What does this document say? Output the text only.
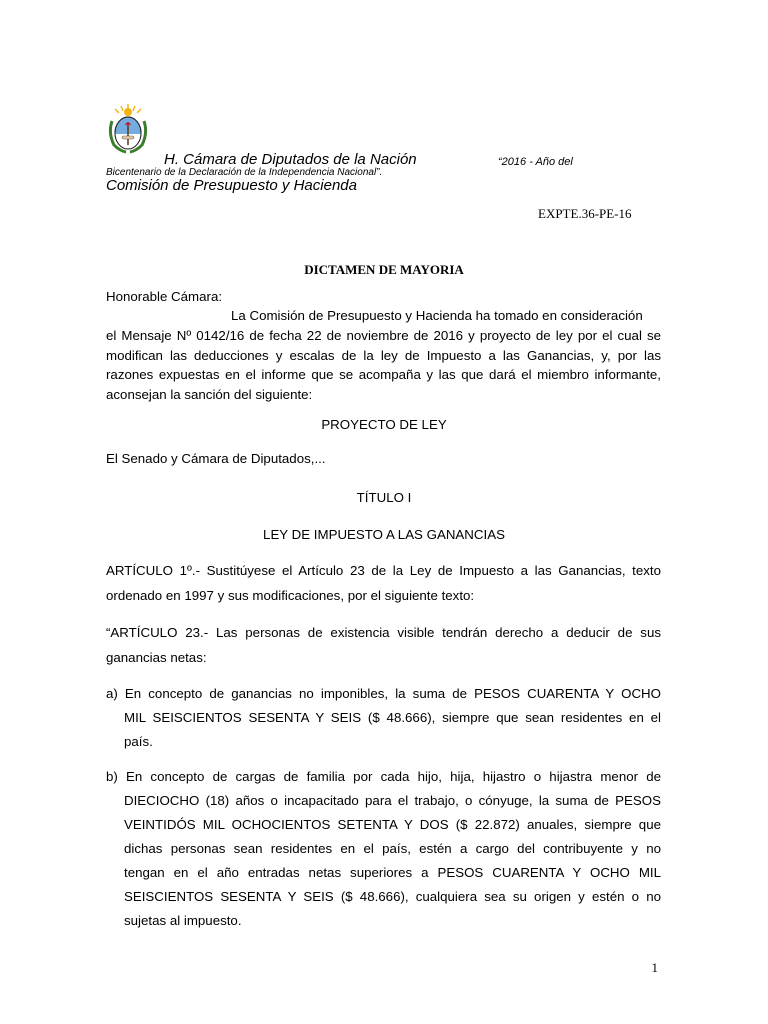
H. Cámara de Diputados de la Nación	“2016 - Año del
Bicentenario de la Declaración de la Independencia Nacional”.
Comisión de Presupuesto y Hacienda
EXPTE.36-PE-16
DICTAMEN DE MAYORIA
Honorable Cámara:
La Comisión de Presupuesto y Hacienda ha tomado en consideración
el Mensaje Nº 0142/16 de fecha 22 de noviembre de 2016 y proyecto de ley por el cual se
modifican las deducciones y escalas de la ley de Impuesto a las Ganancias, y, por las
razones expuestas en el informe que se acompaña y las que dará el miembro informante,
aconsejan la sanción del siguiente:
PROYECTO DE LEY
El Senado y Cámara de Diputados,...
TÍTULO I
LEY DE IMPUESTO A LAS GANANCIAS
ARTÍCULO 1º.- Sustitúyese el Artículo 23 de la Ley de Impuesto a las Ganancias, texto
ordenado en 1997 y sus modificaciones, por el siguiente texto:
“ARTÍCULO 23.- Las personas de existencia visible tendrán derecho a deducir de sus
ganancias netas:
a) En concepto de ganancias no imponibles, la suma de PESOS CUARENTA Y OCHO
MIL SEISCIENTOS SESENTA Y SEIS ($ 48.666), siempre que sean residentes en el
país.
b) En concepto de cargas de familia por cada hijo, hija, hijastro o hijastra menor de
DIECIOCHO (18) años o incapacitado para el trabajo, o cónyuge, la suma de PESOS
VEINTIDÓS MIL OCHOCIENTOS SETENTA Y DOS ($ 22.872) anuales, siempre que
dichas personas sean residentes en el país, estén a cargo del contribuyente y no
tengan en el año entradas netas superiores a PESOS CUARENTA Y OCHO MIL
SEISCIENTOS SESENTA Y SEIS ($ 48.666), cualquiera sea su origen y estén o no
sujetas al impuesto.
1
